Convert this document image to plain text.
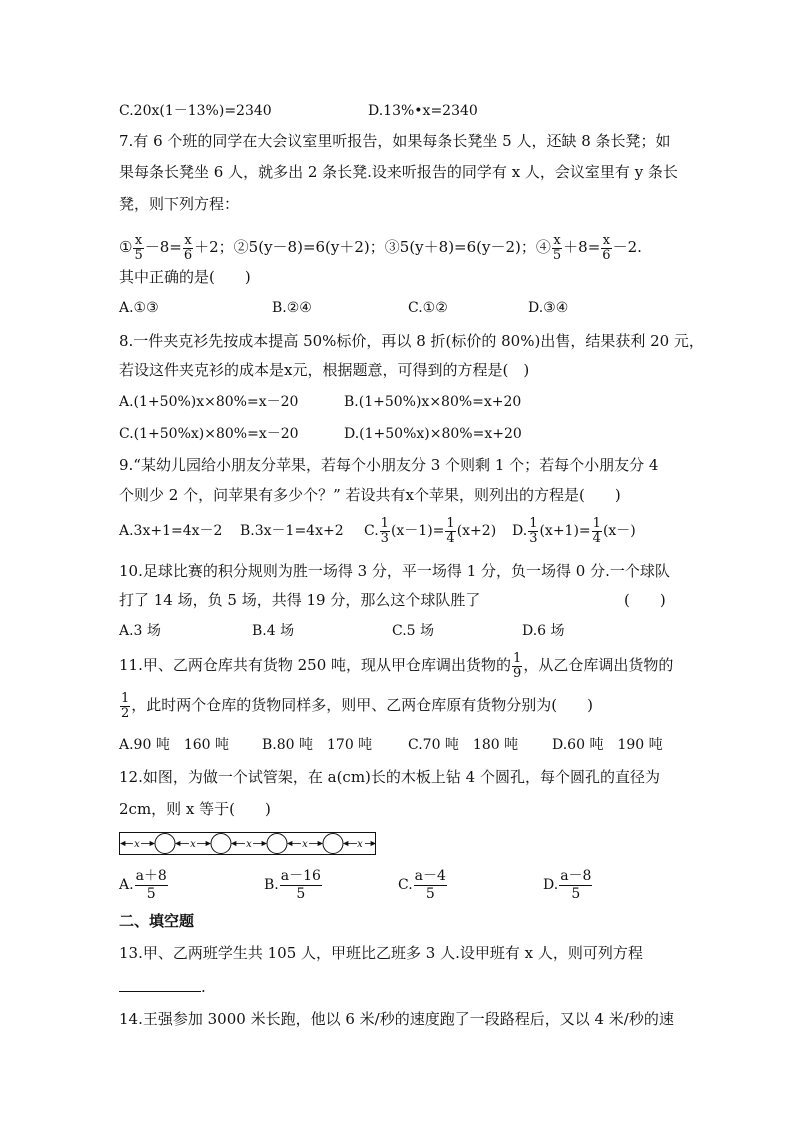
C.20x(1－13%)=2340	D.13%•x=2340
7.有 6 个班的同学在大会议室里听报告，如果每条长凳坐 5 人，还缺 8 条长凳；如
果每条长凳坐 6 人，就多出 2 条长凳.设来听报告的同学有 x 人，会议室里有 y 条长
凳，则下列方程：
① $\frac{x}{5} -8= \frac{x}{6} +2$；②5(y－8)=6(y＋2)；③5(y＋8)=6(y－2)；④ $\frac{x}{5} +8= \frac{x}{6} -2$.
其中正确的是(　　)
A.①③	B.②④	C.①②	D.③④
8.一件夹克衫先按成本提高 50%标价，再以 8 折(标价的 80%)出售，结果获利 20 元，
若设这件夹克衫的成本是x元，根据题意，可得到的方程是(　)
A.(1+50%)x×80%=x－20	B.(1+50%)x×80%=x+20
C.(1+50%x)×80%=x－20	D.(1+50%x)×80%=x+20
9.“某幼儿园给小朋友分苹果，若每个小朋友分 3 个则剩 1 个；若每个小朋友分 4
个则少 2 个，问苹果有多少个？” 若设共有x个苹果，则列出的方程是(　　)
A.3x+1=4x－2 B.3x－1=4x+2 C. $\frac{1}{3} (x-1)= \frac{1}{4} (x+2)$ D. $\frac{1}{3} (x+1)= \frac{1}{4} (x-)$
10.足球比赛的积分规则为胜一场得 3 分，平一场得 1 分，负一场得 0 分.一个球队
打了 14 场，负 5 场，共得 19 分，那么这个球队胜了	(　　)
A.3 场	B.4 场	C.5 场	D.6 场
11.甲、乙两仓库共有货物 250 吨，现从甲仓库调出货物的 $\frac{1}{9}$ ，从乙仓库调出货物的
$\frac{1}{2}$ ，此时两个仓库的货物同样多，则甲、乙两仓库原有货物分别为(　　)
A.90 吨　160 吨 B.80 吨　170 吨	C.70 吨　180 吨 D.60 吨　190 吨
12.如图，为做一个试管架，在 a(cm)长的木板上钻 4 个圆孔，每个圆孔的直径为
2cm，则 x 等于(　　)
x	x	x	x	x
A. $\frac{a+8}{5}$	B. $\frac{a-16}{5}$	C. $\frac{a-4}{5}$	D. $\frac{a-8}{5}$
二、填空题
13.甲、乙两班学生共 105 人，甲班比乙班多 3 人.设甲班有 x 人，则可列方程
.
14.王强参加 3000 米长跑，他以 6 米/秒的速度跑了一段路程后，又以 4 米/秒的速
